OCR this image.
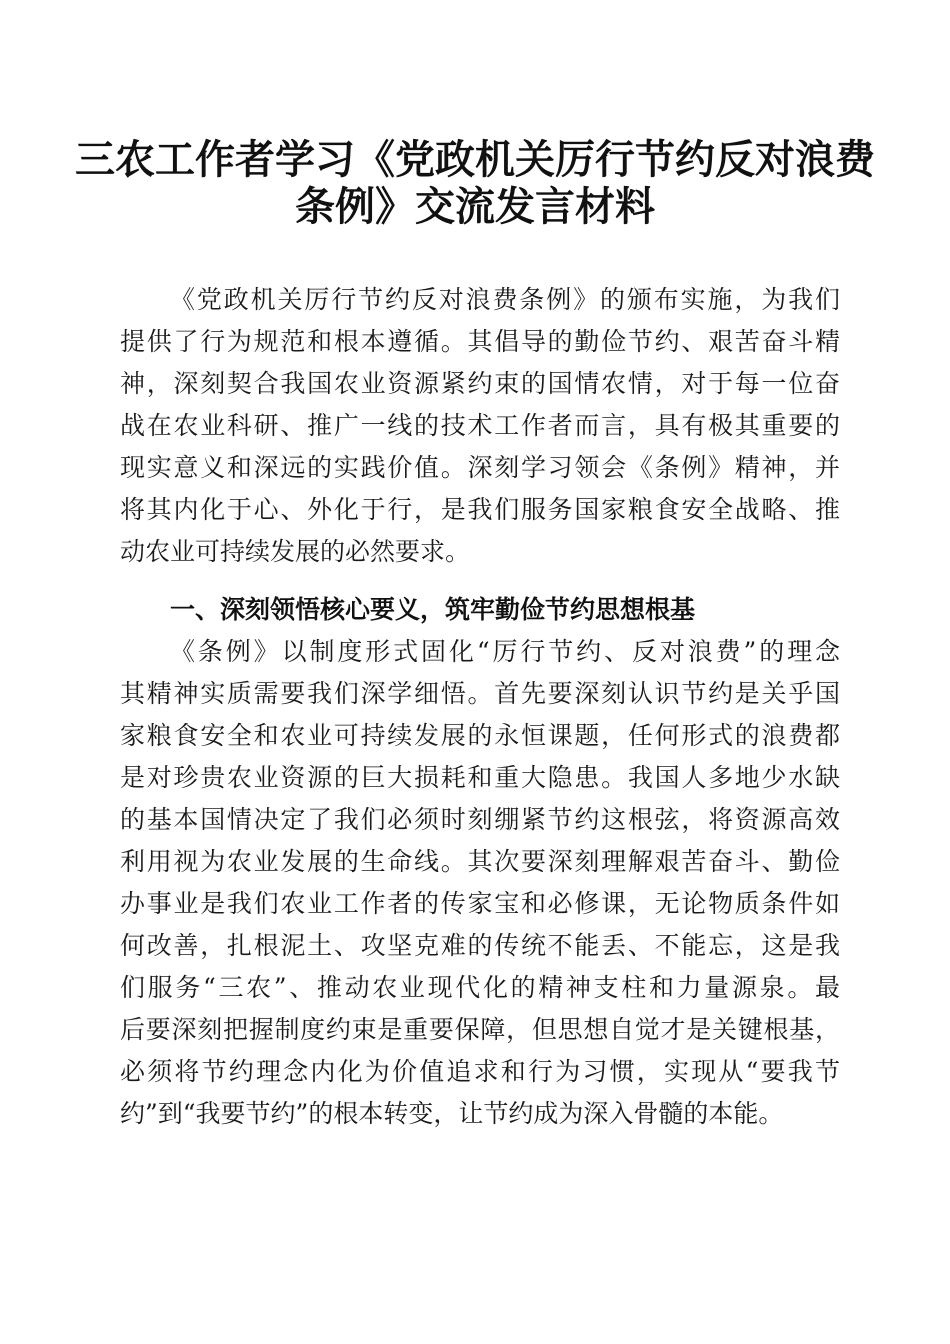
三农工作者学习《党政机关厉行节约反对浪费
条例》交流发言材料
《党政机关厉行节约反对浪费条例》的颁布实施，为我们
提供了行为规范和根本遵循。其倡导的勤俭节约、艰苦奋斗精
神，深刻契合我国农业资源紧约束的国情农情，对于每一位奋
战在农业科研、推广一线的技术工作者而言，具有极其重要的
现实意义和深远的实践价值。深刻学习领会《条例》精神，并
将其内化于心、外化于行，是我们服务国家粮食安全战略、推
动农业可持续发展的必然要求。
一、深刻领悟核心要义，筑牢勤俭节约思想根基
《条例》以制度形式固化“厉行节约、反对浪费”的理念
其精神实质需要我们深学细悟。首先要深刻认识节约是关乎国
家粮食安全和农业可持续发展的永恒课题，任何形式的浪费都
是对珍贵农业资源的巨大损耗和重大隐患。我国人多地少水缺
的基本国情决定了我们必须时刻绷紧节约这根弦，将资源高效
利用视为农业发展的生命线。其次要深刻理解艰苦奋斗、勤俭
办事业是我们农业工作者的传家宝和必修课，无论物质条件如
何改善，扎根泥土、攻坚克难的传统不能丢、不能忘，这是我
们服务“三农”、推动农业现代化的精神支柱和力量源泉。最
后要深刻把握制度约束是重要保障，但思想自觉才是关键根基，
必须将节约理念内化为价值追求和行为习惯，实现从“要我节
约”到“我要节约”的根本转变，让节约成为深入骨髓的本能。
